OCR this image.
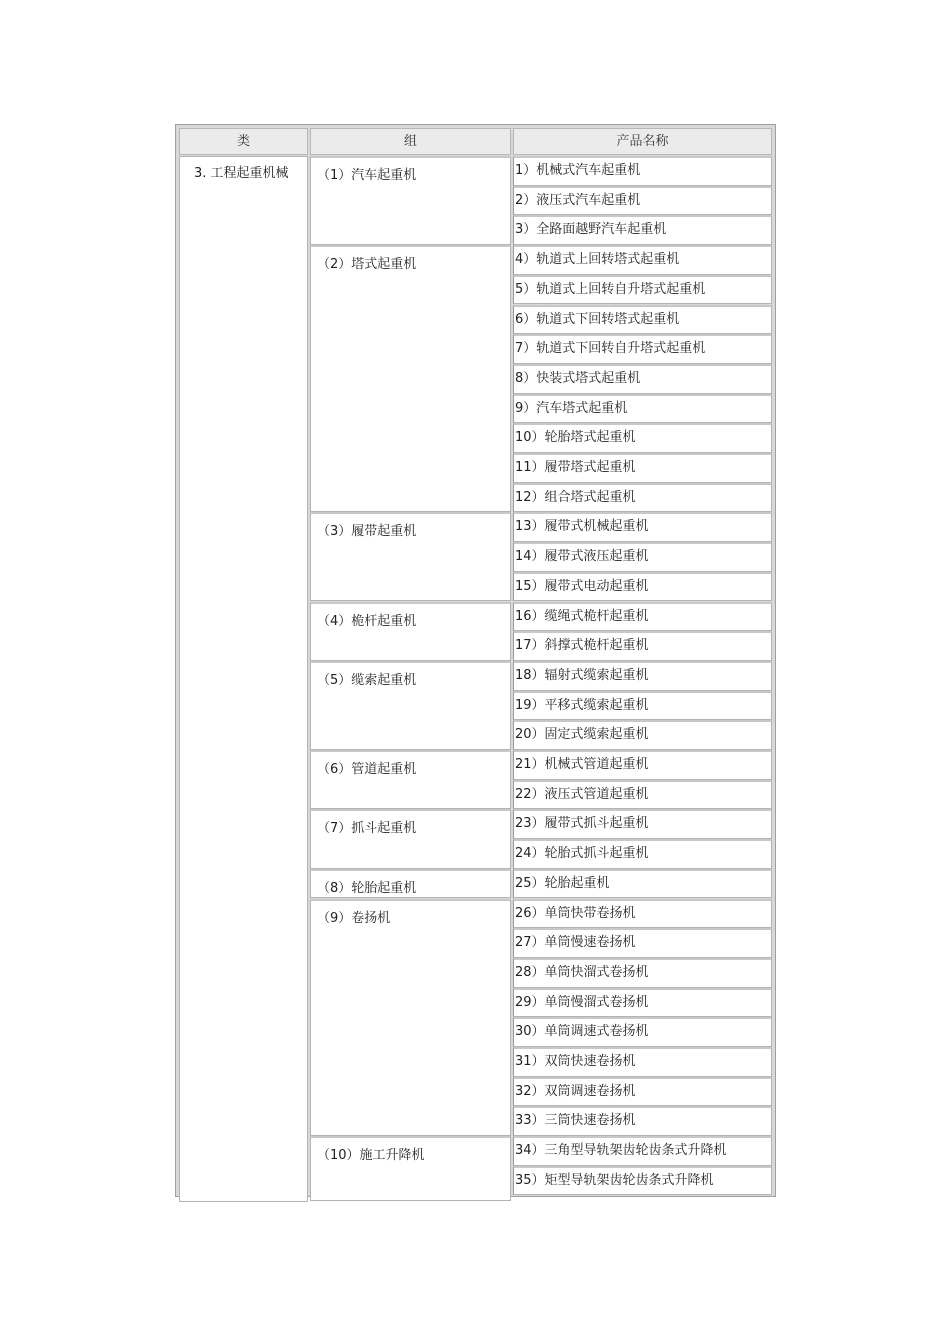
类	组	产品名称
3. 工程起重机械	（1）汽车起重机	1）机械式汽车起重机
2）液压式汽车起重机
3）全路面越野汽车起重机
（2）塔式起重机	4）轨道式上回转塔式起重机
5）轨道式上回转自升塔式起重机
6）轨道式下回转塔式起重机
7）轨道式下回转自升塔式起重机
8）快装式塔式起重机
9）汽车塔式起重机
10）轮胎塔式起重机
11）履带塔式起重机
12）组合塔式起重机
（3）履带起重机	13）履带式机械起重机
14）履带式液压起重机
15）履带式电动起重机
（4）桅杆起重机	16）缆绳式桅杆起重机
17）斜撑式桅杆起重机
（5）缆索起重机	18）辐射式缆索起重机
19）平移式缆索起重机
20）固定式缆索起重机
（6）管道起重机	21）机械式管道起重机
22）液压式管道起重机
（7）抓斗起重机	23）履带式抓斗起重机
24）轮胎式抓斗起重机
（8）轮胎起重机	25）轮胎起重机
（9）卷扬机	26）单筒快带卷扬机
27）单筒慢速卷扬机
28）单筒快溜式卷扬机
29）单筒慢溜式卷扬机
30）单筒调速式卷扬机
31）双筒快速卷扬机
32）双筒调速卷扬机
33）三筒快速卷扬机
（10）施工升降机	34）三角型导轨架齿轮齿条式升降机
35）矩型导轨架齿轮齿条式升降机
